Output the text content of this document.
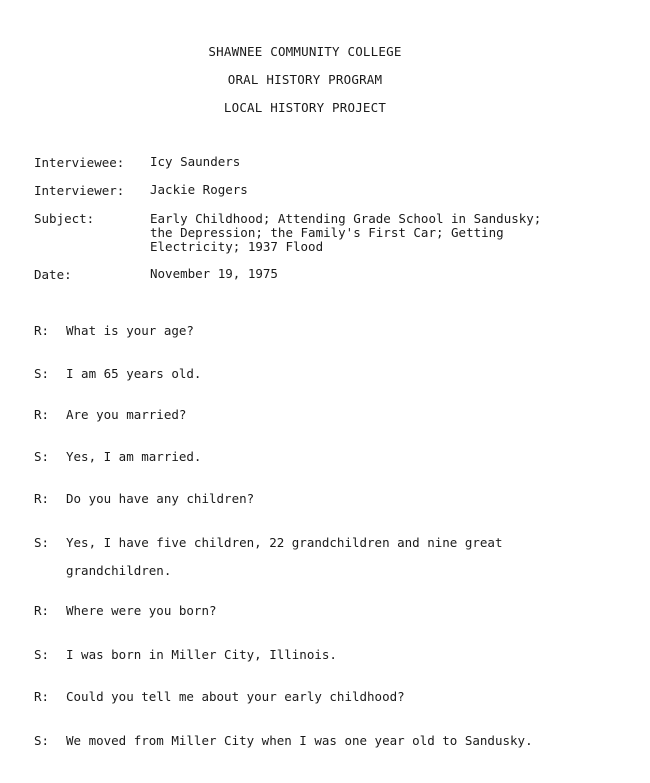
SHAWNEE COMMUNITY COLLEGE
ORAL HISTORY PROGRAM
LOCAL HISTORY PROJECT
Interviewee: Icy Saunders
Interviewer: Jackie Rogers
Subject:	Early Childhood; Attending Grade School in Sandusky;
the Depression; the Family's First Car; Getting
Electricity; 1937 Flood
Date:	November 19, 1975
R: What is your age?
S: I am 65 years old.
R: Are you married?
S: Yes, I am married.
R: Do you have any children?
S: Yes, I have five children, 22 grandchildren and nine great
grandchildren.
R: Where were you born?
S: I was born in Miller City, Illinois.
R: Could you tell me about your early childhood?
S: We moved from Miller City when I was one year old to Sandusky.
